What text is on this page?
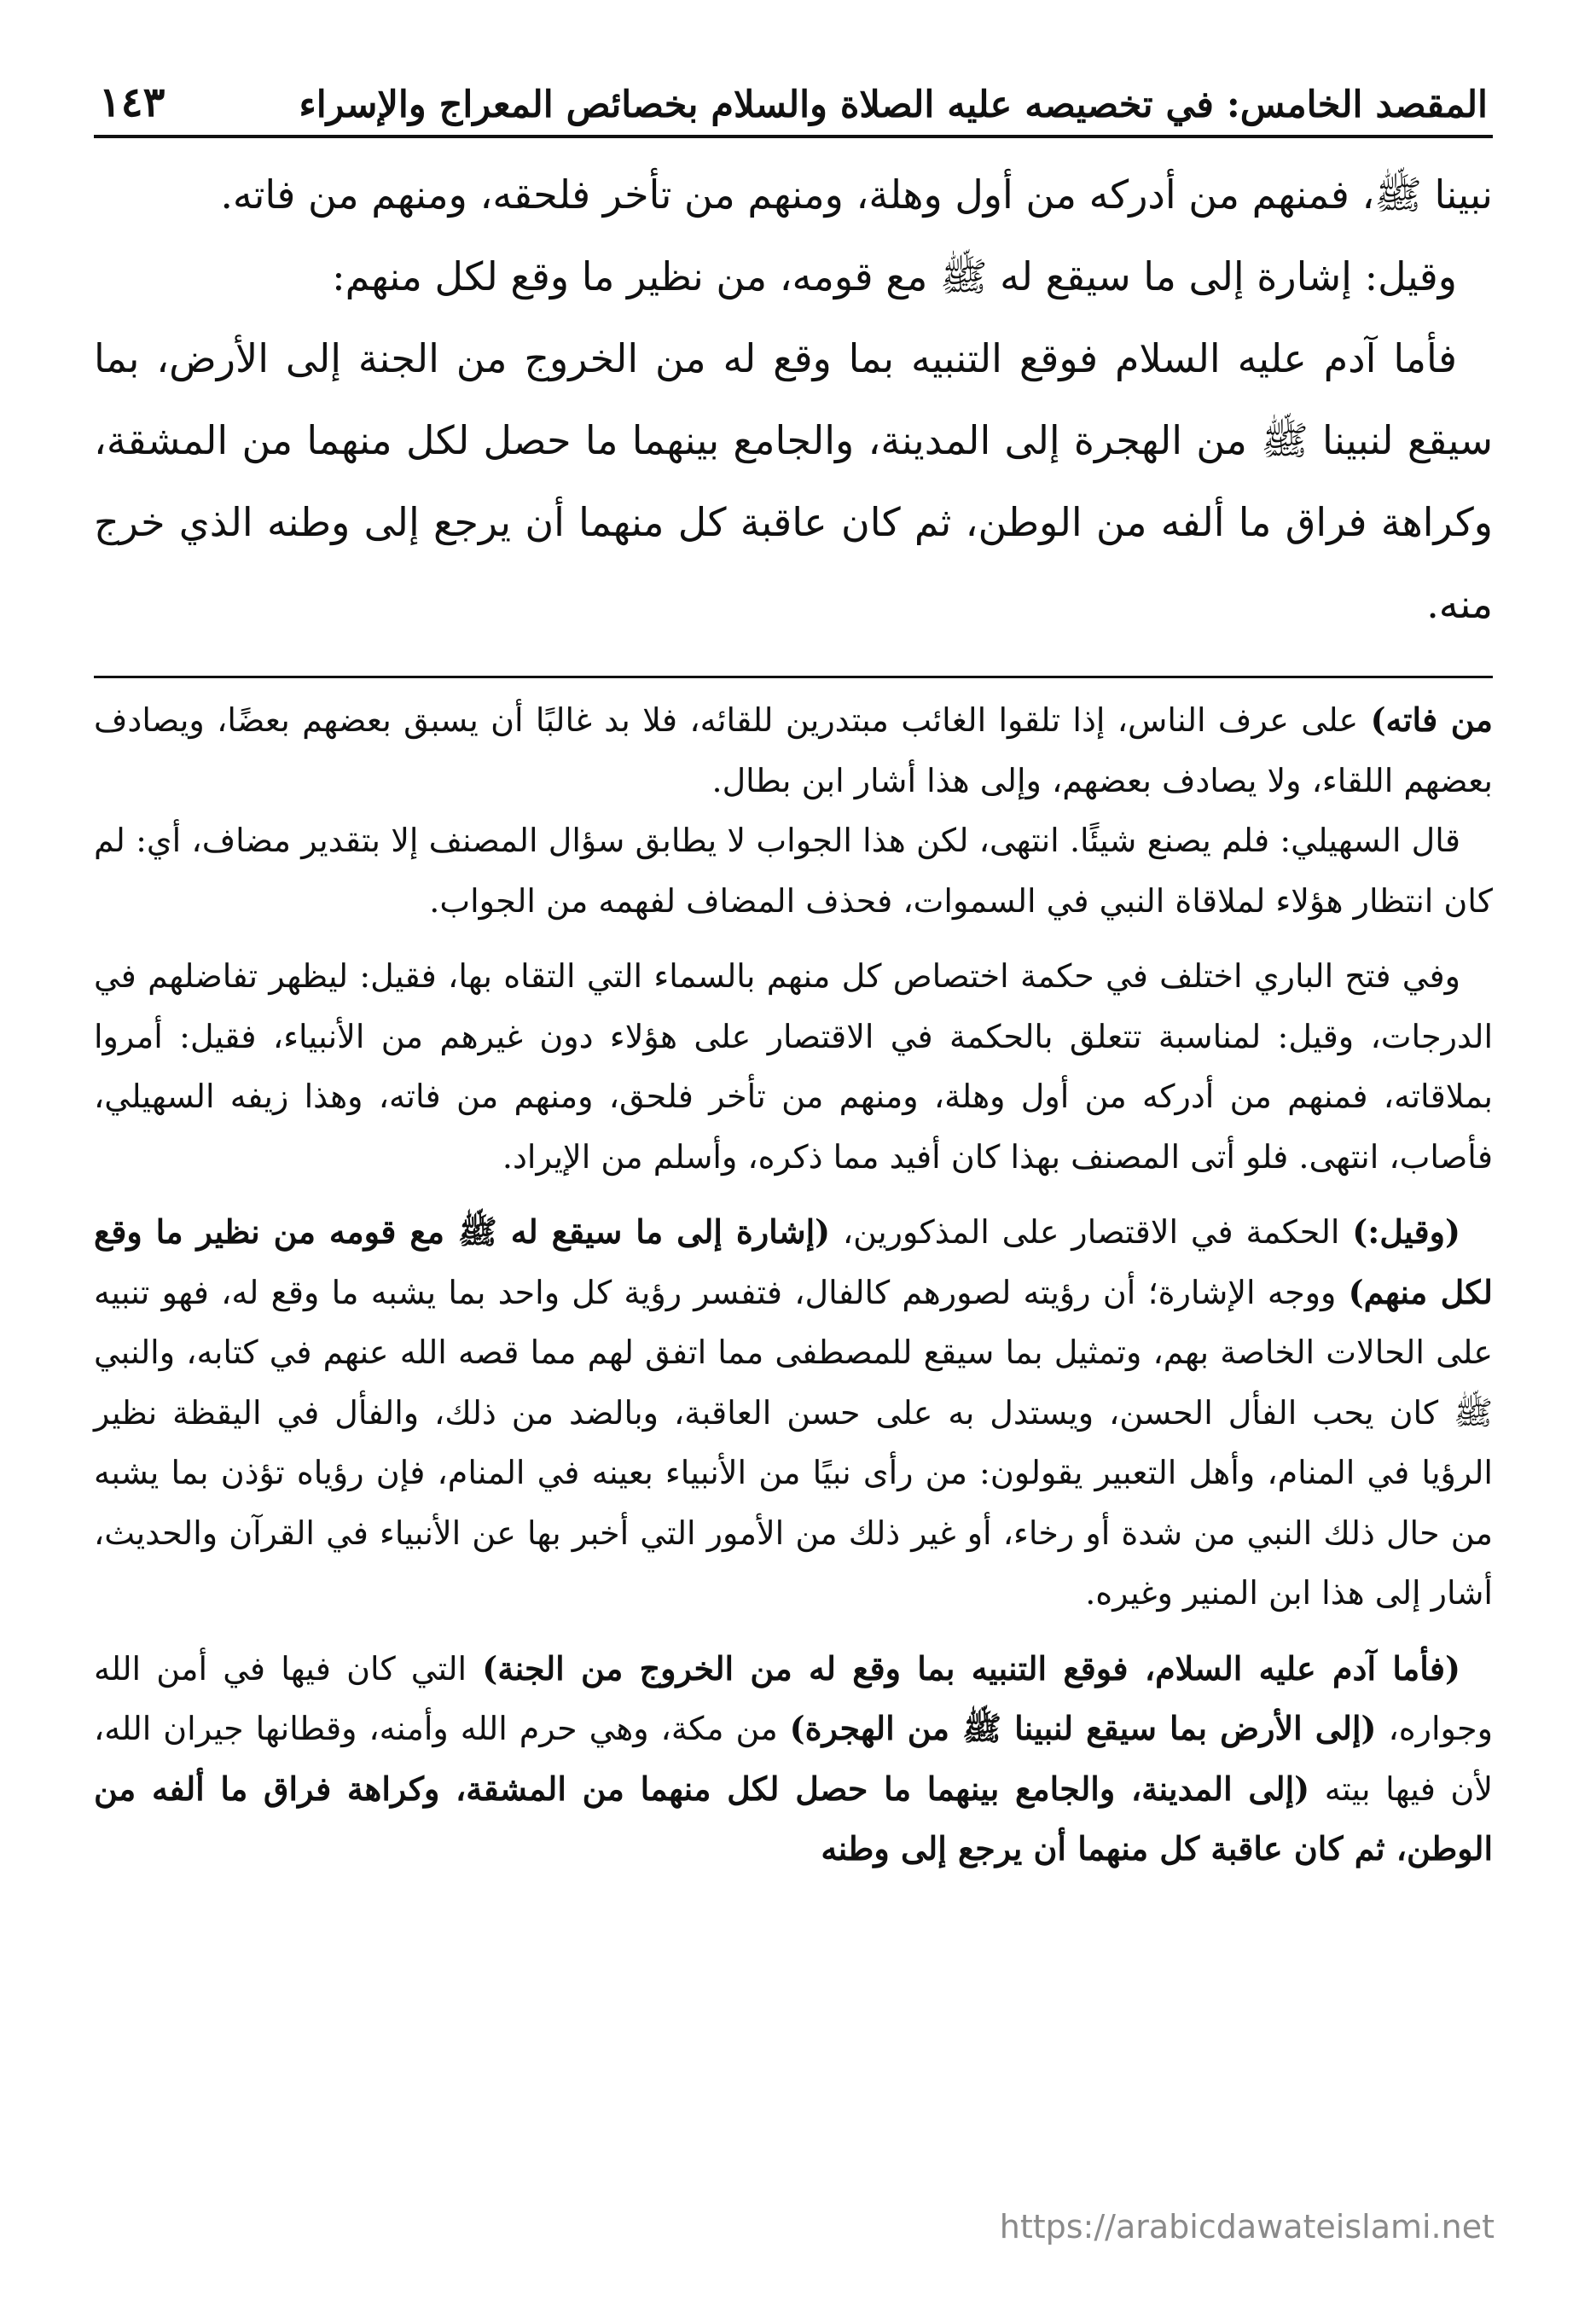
المقصد الخامس: في تخصيصه عليه الصلاة والسلام بخصائص المعراج والإسراء
١٤٣

نبينا ﷺ، فمنهم من أدركه من أول وهلة، ومنهم من تأخر فلحقه، ومنهم من فاته.

وقيل: إشارة إلى ما سيقع له ﷺ مع قومه، من نظير ما وقع لكل منهم:

فأما آدم عليه السلام فوقع التنبيه بما وقع له من الخروج من الجنة إلى الأرض، بما سيقع لنبينا ﷺ من الهجرة إلى المدينة، والجامع بينهما ما حصل لكل منهما من المشقة، وكراهة فراق ما ألفه من الوطن، ثم كان عاقبة كل منهما أن يرجع إلى وطنه الذي خرج منه.

من فاته) على عرف الناس، إذا تلقوا الغائب مبتدرين للقائه، فلا بد غالبًا أن يسبق بعضهم بعضًا، ويصادف بعضهم اللقاء، ولا يصادف بعضهم، وإلى هذا أشار ابن بطال.

قال السهيلي: فلم يصنع شيئًا. انتهى، لكن هذا الجواب لا يطابق سؤال المصنف إلا بتقدير مضاف، أي: لم كان انتظار هؤلاء لملاقاة النبي في السموات، فحذف المضاف لفهمه من الجواب.

وفي فتح الباري اختلف في حكمة اختصاص كل منهم بالسماء التي التقاه بها، فقيل: ليظهر تفاضلهم في الدرجات، وقيل: لمناسبة تتعلق بالحكمة في الاقتصار على هؤلاء دون غيرهم من الأنبياء، فقيل: أمروا بملاقاته، فمنهم من أدركه من أول وهلة، ومنهم من تأخر فلحق، ومنهم من فاته، وهذا زيفه السهيلي، فأصاب، انتهى. فلو أتى المصنف بهذا كان أفيد مما ذكره، وأسلم من الإيراد.

(وقيل:) الحكمة في الاقتصار على المذكورين، (إشارة إلى ما سيقع له ﷺ مع قومه من نظير ما وقع لكل منهم) ووجه الإشارة؛ أن رؤيته لصورهم كالفال، فتفسر رؤية كل واحد بما يشبه ما وقع له، فهو تنبيه على الحالات الخاصة بهم، وتمثيل بما سيقع للمصطفى مما اتفق لهم مما قصه الله عنهم في كتابه، والنبي ﷺ كان يحب الفأل الحسن، ويستدل به على حسن العاقبة، وبالضد من ذلك، والفأل في اليقظة نظير الرؤيا في المنام، وأهل التعبير يقولون: من رأى نبيًا من الأنبياء بعينه في المنام، فإن رؤياه تؤذن بما يشبه من حال ذلك النبي من شدة أو رخاء، أو غير ذلك من الأمور التي أخبر بها عن الأنبياء في القرآن والحديث، أشار إلى هذا ابن المنير وغيره.

(فأما آدم عليه السلام، فوقع التنبيه بما وقع له من الخروج من الجنة) التي كان فيها في أمن الله وجواره، (إلى الأرض بما سيقع لنبينا ﷺ من الهجرة) من مكة، وهي حرم الله وأمنه، وقطانها جيران الله، لأن فيها بيته (إلى المدينة، والجامع بينهما ما حصل لكل منهما من المشقة، وكراهة فراق ما ألفه من الوطن، ثم كان عاقبة كل منهما أن يرجع إلى وطنه

https://arabicdawateislami.net
